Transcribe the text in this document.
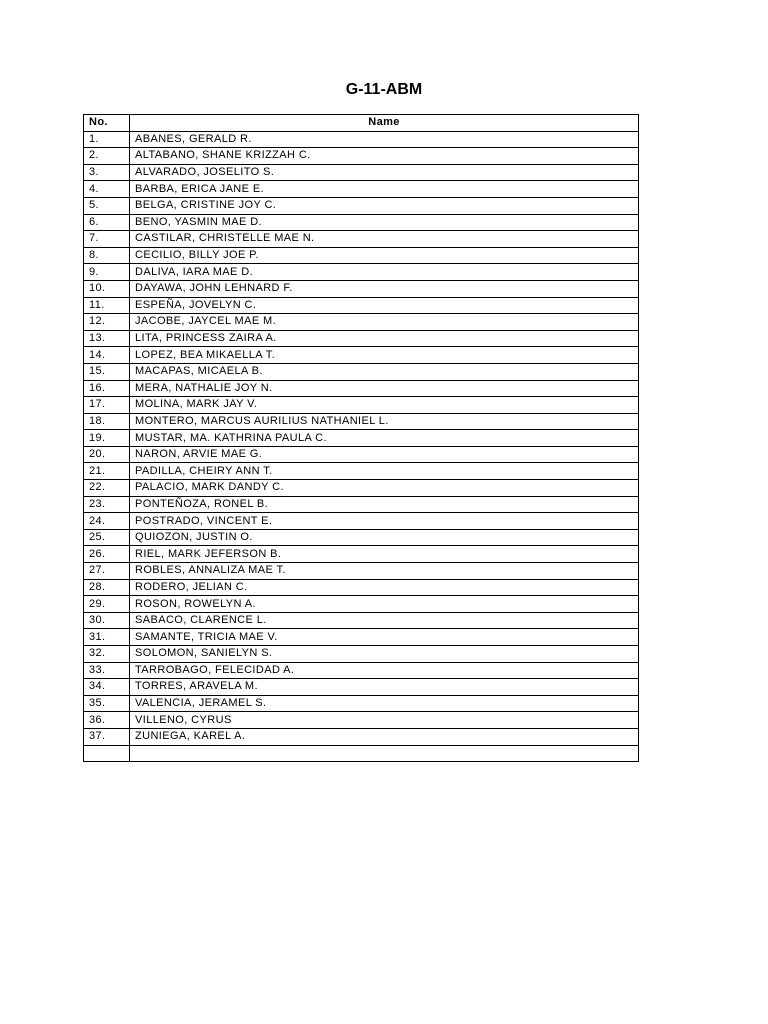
G-11-ABM
No.	Name
1.	ABANES, GERALD R.
2.	ALTABANO, SHANE KRIZZAH C.
3.	ALVARADO, JOSELITO S.
4.	BARBA, ERICA JANE E.
5.	BELGA, CRISTINE JOY C.
6.	BENO, YASMIN MAE D.
7.	CASTILAR, CHRISTELLE MAE N.
8.	CECILIO, BILLY JOE P.
9.	DALIVA, IARA MAE D.
10.	DAYAWA, JOHN LEHNARD F.
11.	ESPEÑA, JOVELYN C.
12.	JACOBE, JAYCEL MAE M.
13.	LITA, PRINCESS ZAIRA A.
14.	LOPEZ, BEA MIKAELLA T.
15.	MACAPAS, MICAELA B.
16.	MERA, NATHALIE JOY N.
17.	MOLINA, MARK JAY V.
18.	MONTERO, MARCUS AURILIUS NATHANIEL L.
19.	MUSTAR, MA. KATHRINA PAULA C.
20.	NARON, ARVIE MAE G.
21.	PADILLA, CHEIRY ANN T.
22.	PALACIO, MARK DANDY C.
23.	PONTEÑOZA, RONEL B.
24.	POSTRADO, VINCENT E.
25.	QUIOZON, JUSTIN O.
26.	RIEL, MARK JEFERSON B.
27.	ROBLES, ANNALIZA MAE T.
28.	RODERO, JELIAN C.
29.	ROSON, ROWELYN A.
30.	SABACO, CLARENCE L.
31.	SAMANTE, TRICIA MAE V.
32.	SOLOMON, SANIELYN S.
33.	TARROBAGO, FELECIDAD A.
34.	TORRES, ARAVELA M.
35.	VALENCIA, JERAMEL S.
36.	VILLENO, CYRUS
37.	ZUNIEGA, KAREL A.
